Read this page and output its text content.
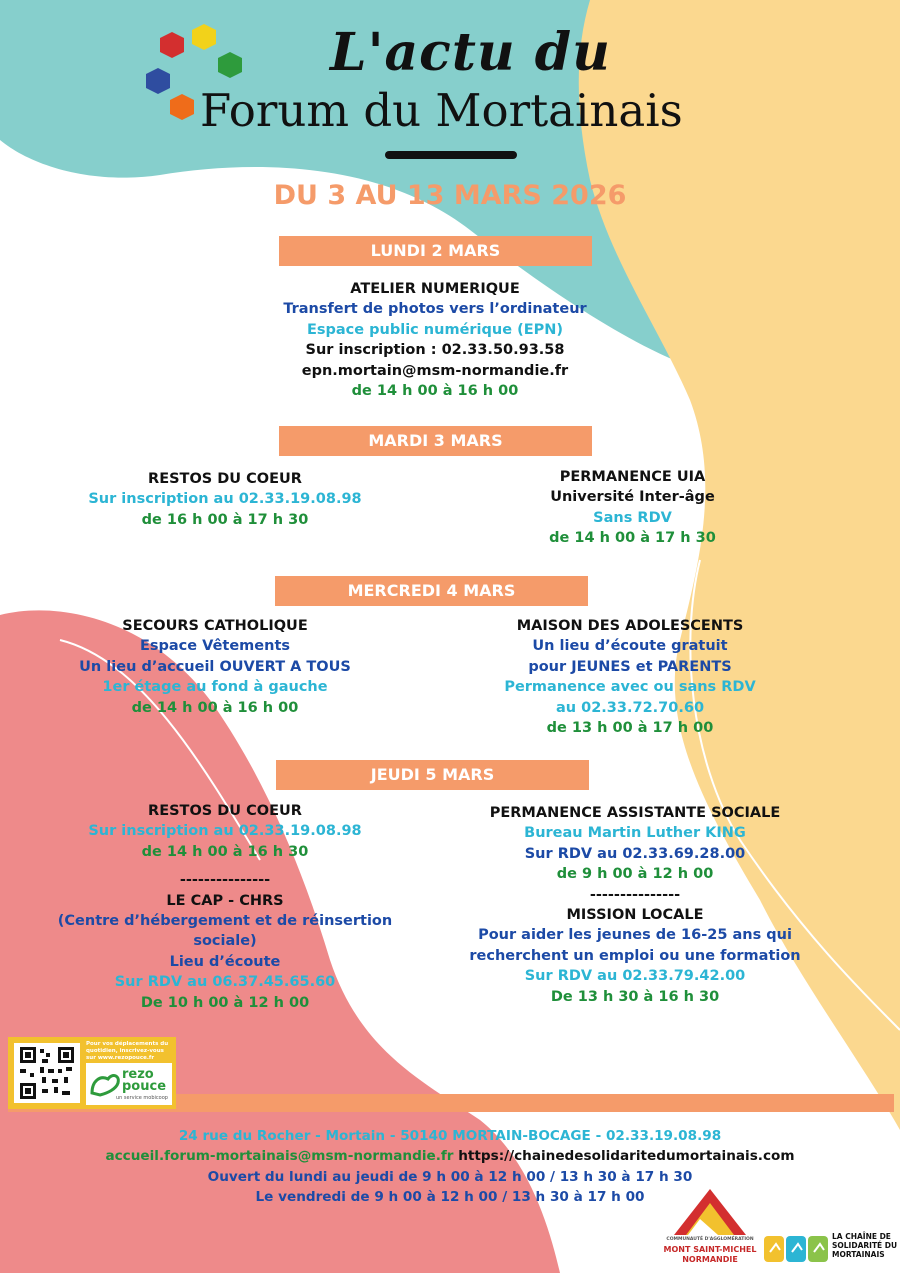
L'actu du
Forum du Mortainais
DU 3 AU 13 MARS 2026
LUNDI 2 MARS
ATELIER NUMERIQUE
Transfert de photos vers l’ordinateur
Espace public numérique (EPN)
Sur inscription : 02.33.50.93.58
epn.mortain@msm-normandie.fr
de 14 h 00 à 16 h 00
MARDI 3 MARS
RESTOS DU COEUR
Sur inscription au 02.33.19.08.98
de 16 h 00 à 17 h 30
PERMANENCE UIA
Université Inter-âge
Sans RDV
de 14 h 00 à 17 h 30
MERCREDI 4 MARS
SECOURS CATHOLIQUE
Espace Vêtements
Un lieu d’accueil OUVERT A TOUS
1er étage au fond à gauche
de 14 h 00 à 16 h 00
MAISON DES ADOLESCENTS
Un lieu d’écoute gratuit
pour JEUNES et PARENTS
Permanence avec ou sans RDV
au 02.33.72.70.60
de 13 h 00 à 17 h 00
JEUDI 5 MARS
RESTOS DU COEUR
Sur inscription au 02.33.19.08.98
de 14 h 00 à 16 h 30
---------------
LE CAP - CHRS
(Centre d’hébergement et de réinsertion
sociale)
Lieu d’écoute
Sur RDV au 06.37.45.65.60
De 10 h 00 à 12 h 00
PERMANENCE ASSISTANTE SOCIALE
Bureau Martin Luther KING
Sur RDV au 02.33.69.28.00
de 9 h 00 à 12 h 00
---------------
MISSION LOCALE
Pour aider les jeunes de 16-25 ans qui
recherchent un emploi ou une formation
Sur RDV au 02.33.79.42.00
De 13 h 30 à 16 h 30
Pour vos déplacements du quotidien, inscrivez-vous sur www.rezopouce.fr
rezo pouce
un service mobicoop
24 rue du Rocher - Mortain - 50140 MORTAIN-BOCAGE - 02.33.19.08.98
accueil.forum-mortainais@msm-normandie.fr https://chainedesolidaritedumortainais.com
Ouvert du lundi au jeudi de 9 h 00 à 12 h 00 / 13 h 30 à 17 h 30
Le vendredi de 9 h 00 à 12 h 00 / 13 h 30 à 17 h 00
COMMUNAUTÉ D'AGGLOMÉRATION
MONT SAINT-MICHEL
NORMANDIE
LA CHAÎNE DE SOLIDARITÉ DU MORTAINAIS
